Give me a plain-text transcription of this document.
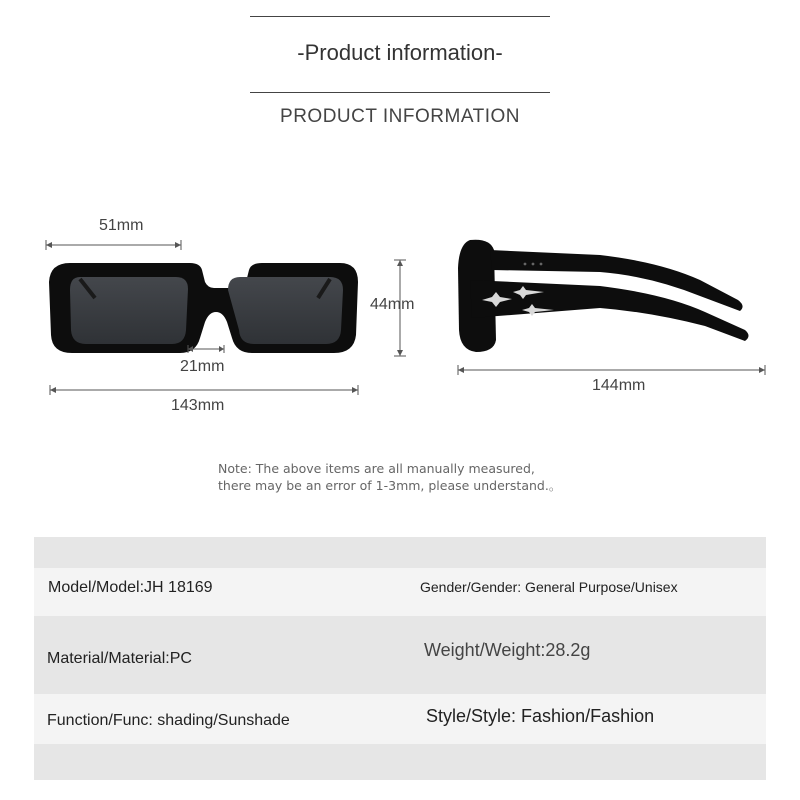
-Product information-
PRODUCT INFORMATION
51mm
44mm
21mm
143mm
144mm
Note: The above items are all manually measured,
there may be an error of 1-3mm, please understand.。
Model/Model:JH 18169	Gender/Gender: General Purpose/Unisex
Material/Material:PC	Weight/Weight:28.2g
Function/Func: shading/Sunshade	Style/Style: Fashion/Fashion
